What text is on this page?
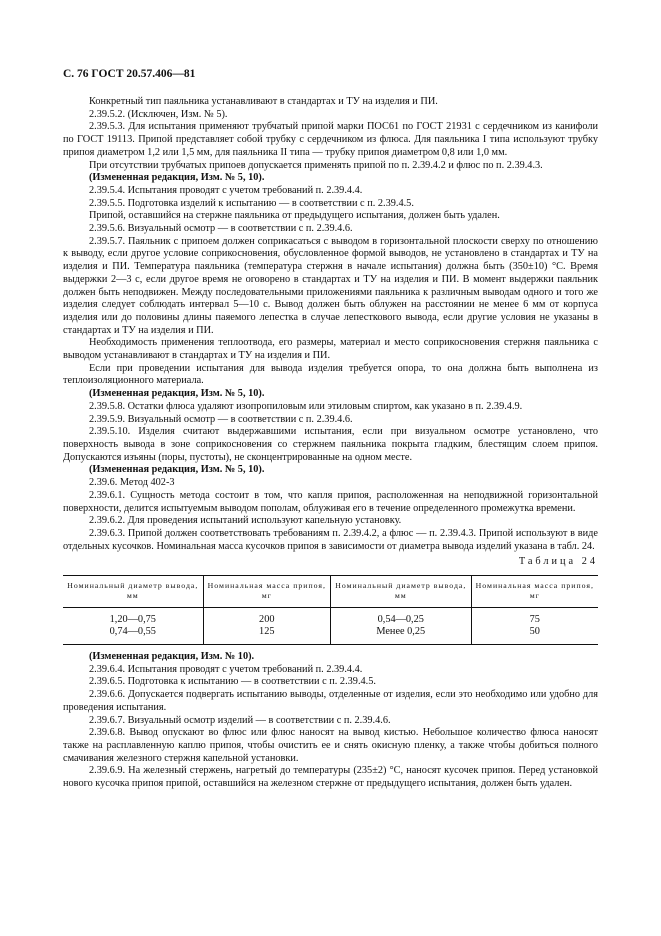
С. 76 ГОСТ 20.57.406—81

Конкретный тип паяльника устанавливают в стандартах и ТУ на изделия и ПИ.

2.39.5.2. (Исключен, Изм. № 5).

2.39.5.3. Для испытания применяют трубчатый припой марки ПОС61 по ГОСТ 21931 с сердечником из канифоли по ГОСТ 19113. Припой представляет собой трубку с сердечником из флюса. Для паяльника I типа используют трубку припоя диаметром 1,2 или 1,5 мм, для паяльника II типа — трубку припоя диаметром 0,8 или 1,0 мм.

При отсутствии трубчатых припоев допускается применять припой по п. 2.39.4.2 и флюс по п. 2.39.4.3.

(Измененная редакция, Изм. № 5, 10).

2.39.5.4. Испытания проводят с учетом требований п. 2.39.4.4.

2.39.5.5. Подготовка изделий к испытанию — в соответствии с п. 2.39.4.5.

Припой, оставшийся на стержне паяльника от предыдущего испытания, должен быть удален.

2.39.5.6. Визуальный осмотр — в соответствии с п. 2.39.4.6.

2.39.5.7. Паяльник с припоем должен соприкасаться с выводом в горизонтальной плоскости сверху по отношению к выводу, если другое условие соприкосновения, обусловленное формой выводов, не установлено в стандартах и ТУ на изделия и ПИ. Температура паяльника (температура стержня в начале испытания) должна быть (350±10) °С. Время выдержки 2—3 с, если другое время не оговорено в стандартах и ТУ на изделия и ПИ. В момент выдержки паяльник должен быть неподвижен. Между последовательными приложениями паяльника к различным выводам одного и того же изделия следует соблюдать интервал 5—10 с. Вывод должен быть облужен на расстоянии не менее 6 мм от корпуса изделия или до половины длины паяемого лепестка в случае лепесткового вывода, если другие условия не указаны в стандартах и ТУ на изделия и ПИ.

Необходимость применения теплоотвода, его размеры, материал и место соприкосновения стержня паяльника с выводом устанавливают в стандартах и ТУ на изделия и ПИ.

Если при проведении испытания для вывода изделия требуется опора, то она должна быть выполнена из теплоизоляционного материала.

(Измененная редакция, Изм. № 5, 10).

2.39.5.8. Остатки флюса удаляют изопропиловым или этиловым спиртом, как указано в п. 2.39.4.9.

2.39.5.9. Визуальный осмотр — в соответствии с п. 2.39.4.6.

2.39.5.10. Изделия считают выдержавшими испытания, если при визуальном осмотре установлено, что поверхность вывода в зоне соприкосновения со стержнем паяльника покрыта гладким, блестящим слоем припоя. Допускаются изъяны (поры, пустоты), не сконцентрированные на одном месте.

(Измененная редакция, Изм. № 5, 10).

2.39.6. Метод 402-3

2.39.6.1. Сущность метода состоит в том, что капля припоя, расположенная на неподвижной горизонтальной поверхности, делится испытуемым выводом пополам, облуживая его в течение определенного промежутка времени.

2.39.6.2. Для проведения испытаний используют капельную установку.

2.39.6.3. Припой должен соответствовать требованиям п. 2.39.4.2, а флюс — п. 2.39.4.3. Припой используют в виде отдельных кусочков. Номинальная масса кусочков припоя в зависимости от диаметра вывода изделий указана в табл. 24.

Таблица 24
Номинальный диаметр вывода, мм	Номинальная масса припоя, мг	Номинальный диаметр вывода, мм	Номинальная масса припоя, мг
1,20—0,75	200	0,54—0,25	75
0,74—0,55	125	Менее 0,25	50

(Измененная редакция, Изм. № 10).

2.39.6.4. Испытания проводят с учетом требований п. 2.39.4.4.

2.39.6.5. Подготовка к испытанию — в соответствии с п. 2.39.4.5.

2.39.6.6. Допускается подвергать испытанию выводы, отделенные от изделия, если это необходимо или удобно для проведения испытания.

2.39.6.7. Визуальный осмотр изделий — в соответствии с п. 2.39.4.6.

2.39.6.8. Вывод опускают во флюс или флюс наносят на вывод кистью. Небольшое количество флюса наносят также на расплавленную каплю припоя, чтобы очистить ее и снять окисную пленку, а также чтобы добиться полного смачивания железного стержня капельной установки.

2.39.6.9. На железный стержень, нагретый до температуры (235±2) °С, наносят кусочек припоя. Перед установкой нового кусочка припоя припой, оставшийся на железном стержне от предыдущего испытания, должен быть удален.
